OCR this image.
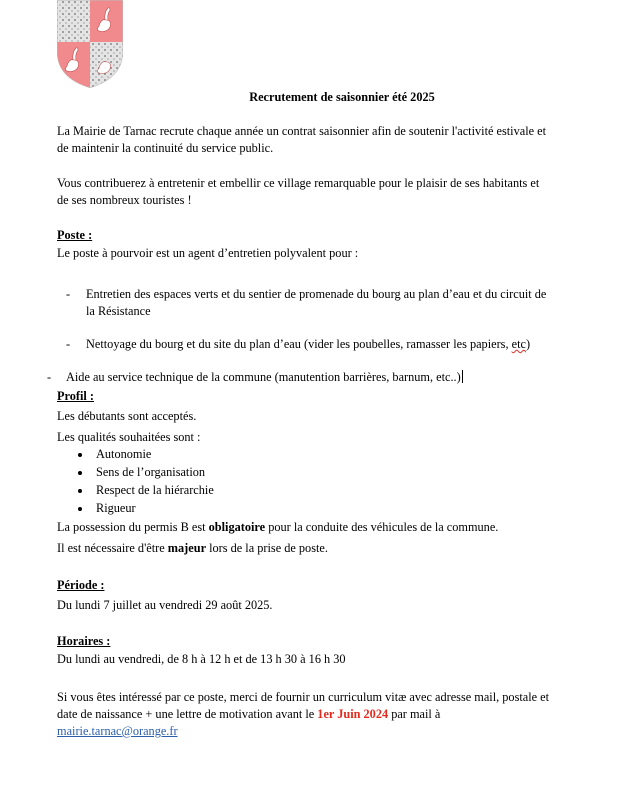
Recrutement de saisonnier été 2025
La Mairie de Tarnac recrute chaque année un contrat saisonnier afin de soutenir l'activité estivale et
de maintenir la continuité du service public.
Vous contribuerez à entretenir et embellir ce village remarquable pour le plaisir de ses habitants et
de ses nombreux touristes !
Poste :
Le poste à pourvoir est un agent d’entretien polyvalent pour :
- Entretien des espaces verts et du sentier de promenade du bourg au plan d’eau et du circuit de
la Résistance
- Nettoyage du bourg et du site du plan d’eau (vider les poubelles, ramasser les papiers, etc)
- Aide au service technique de la commune (manutention barrières, barnum, etc..)
Profil :
Les débutants sont acceptés.
Les qualités souhaitées sont :
Autonomie
Sens de l’organisation
Respect de la hiérarchie
Rigueur
La possession du permis B est obligatoire pour la conduite des véhicules de la commune.
Il est nécessaire d'être majeur lors de la prise de poste.
Période :
Du lundi 7 juillet au vendredi 29 août 2025.
Horaires :
Du lundi au vendredi, de 8 h à 12 h et de 13 h 30 à 16 h 30
Si vous êtes intéressé par ce poste, merci de fournir un curriculum vitæ avec adresse mail, postale et
date de naissance + une lettre de motivation avant le 1er Juin 2024 par mail à
mairie.tarnac@orange.fr
